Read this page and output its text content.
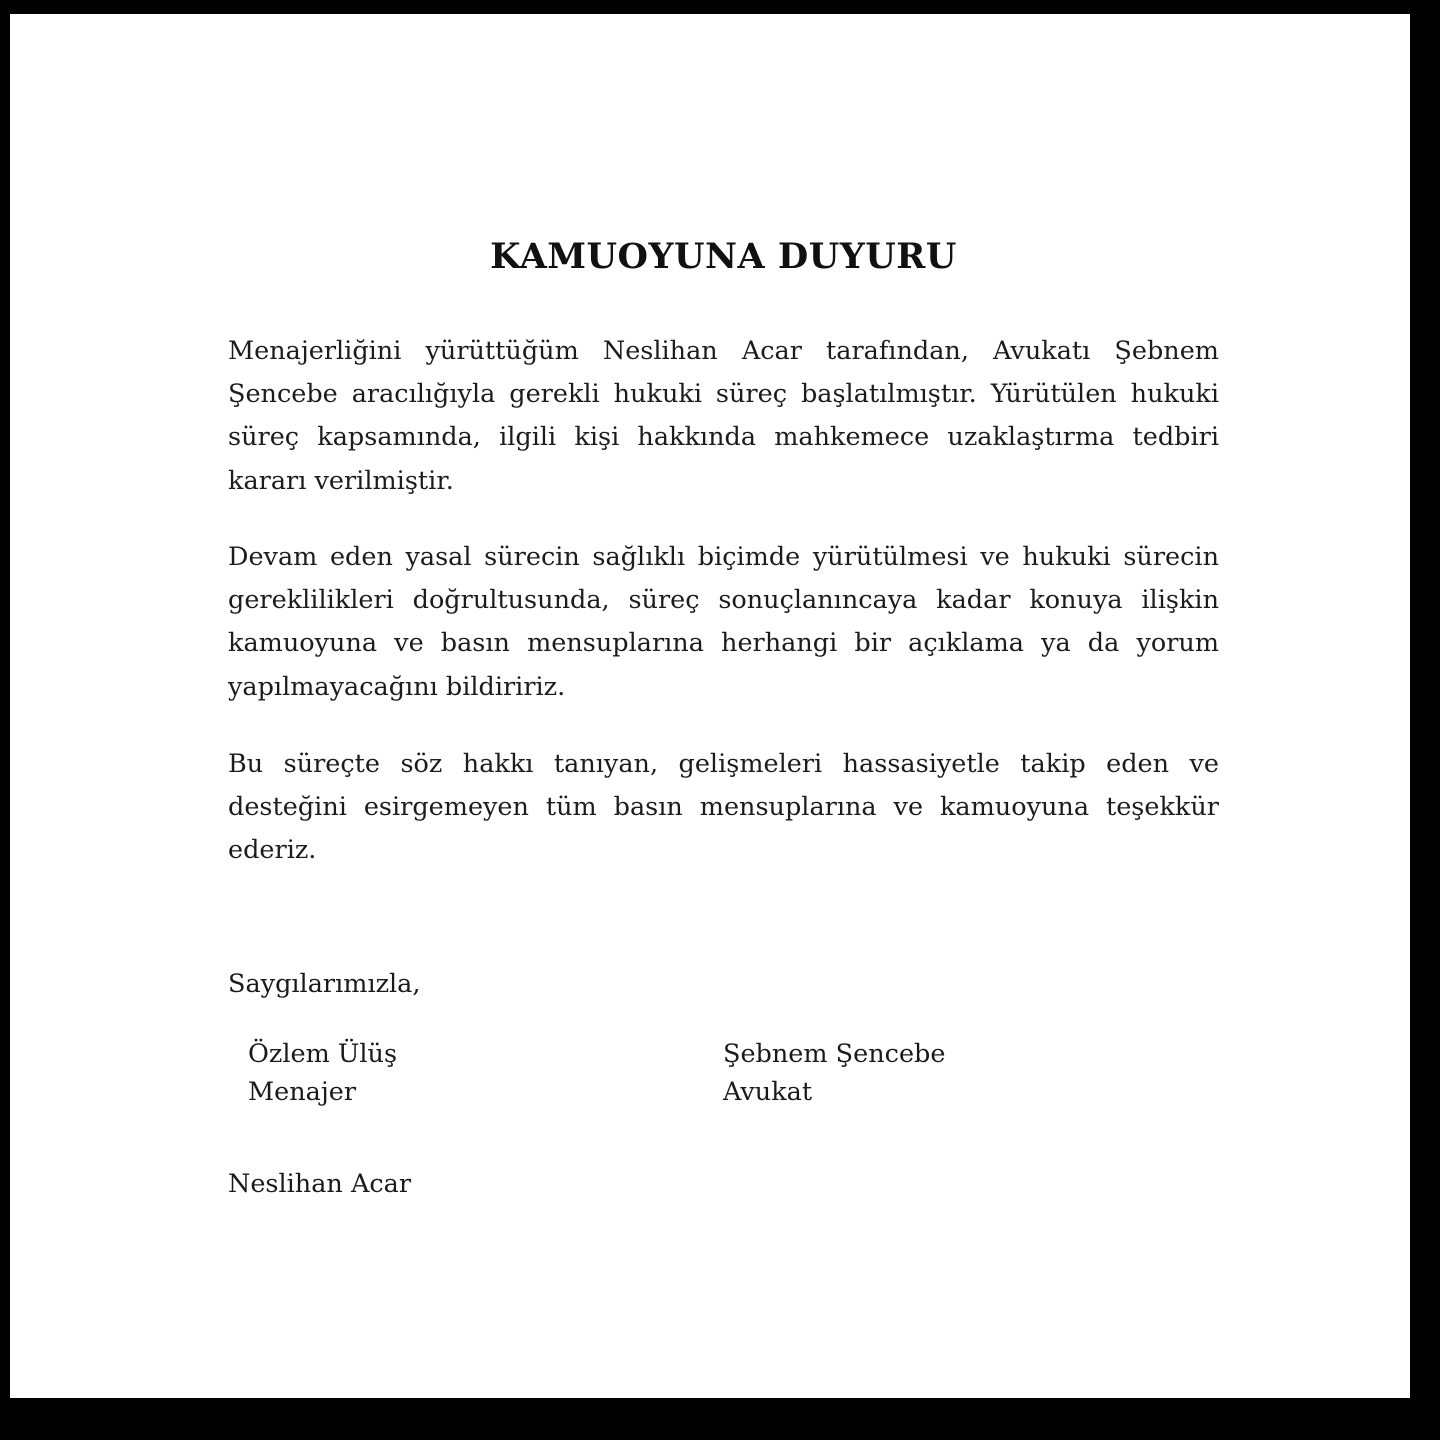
KAMUOYUNA DUYURU

Menajerliğini yürüttüğüm Neslihan Acar tarafından, Avukatı Şebnem Şencebe aracılığıyla gerekli hukuki süreç başlatılmıştır. Yürütülen hukuki süreç kapsamında, ilgili kişi hakkında mahkemece uzaklaştırma tedbiri kararı verilmiştir.

Devam eden yasal sürecin sağlıklı biçimde yürütülmesi ve hukuki sürecin gereklilikleri doğrultusunda, süreç sonuçlanıncaya kadar konuya ilişkin kamuoyuna ve basın mensuplarına herhangi bir açıklama ya da yorum yapılmayacağını bildiririz.

Bu süreçte söz hakkı tanıyan, gelişmeleri hassasiyetle takip eden ve desteğini esirgemeyen tüm basın mensuplarına ve kamuoyuna teşekkür ederiz.

Saygılarımızla,

Özlem Ülüş
Menajer
Şebnem Şencebe
Avukat

Neslihan Acar
